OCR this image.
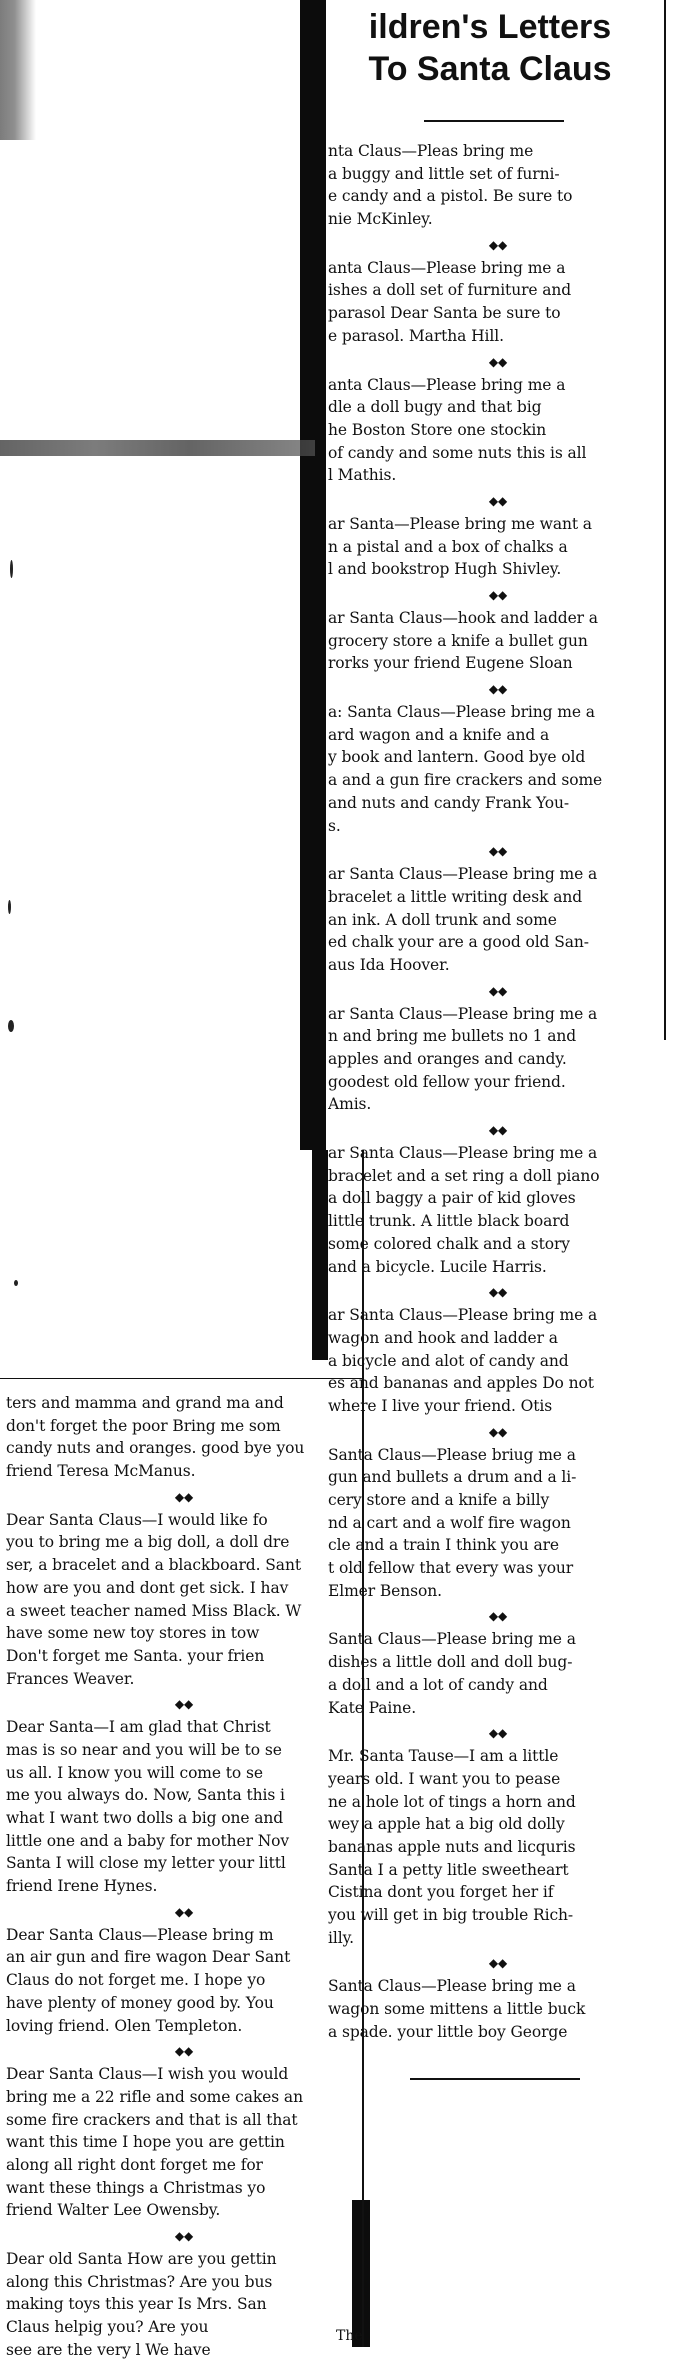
ildren's Letters
To Santa Claus
nta Claus—Pleas bring me
a buggy and little set of furni-
e candy and a pistol. Be sure to
nie McKinley.
◆◆
anta Claus—Please bring me a
ishes a doll set of furniture and
parasol Dear Santa be sure to
e parasol. Martha Hill.
◆◆
anta Claus—Please bring me a
dle a doll bugy and that big
he Boston Store one stockin
of candy and some nuts this is all
l Mathis.
◆◆
ar Santa—Please bring me want a
n a pistal and a box of chalks a
l and bookstrop Hugh Shivley.
◆◆
ar Santa Claus—hook and ladder a
grocery store a knife a bullet gun
rorks your friend Eugene Sloan
◆◆
a: Santa Claus—Please bring me a
ard wagon and a knife and a
y book and lantern. Good bye old
a and a gun fire crackers and some
and nuts and candy Frank You-
s.
◆◆
ar Santa Claus—Please bring me a
bracelet a little writing desk and
an ink. A doll trunk and some
ed chalk your are a good old San-
aus Ida Hoover.
◆◆
ar Santa Claus—Please bring me a
n and bring me bullets no 1 and
apples and oranges and candy.
goodest old fellow your friend.
Amis.
◆◆
ar Santa Claus—Please bring me a
bracelet and a set ring a doll piano
a doll baggy a pair of kid gloves
little trunk. A little black board
some colored chalk and a story
and a bicycle. Lucile Harris.
◆◆
ar Santa Claus—Please bring me a
wagon and hook and ladder a
a bicycle and alot of candy and
es and bananas and apples Do not
where I live your friend. Otis
◆◆
Santa Claus—Please briug me a
gun and bullets a drum and a li-
cery store and a knife a billy
nd a cart and a wolf fire wagon
cle and a train I think you are
t old fellow that every was your
Elmer Benson.
◆◆
Santa Claus—Please bring me a
dishes a little doll and doll bug-
a doll and a lot of candy and
Kate Paine.
◆◆
Mr. Santa Tause—I am a little
years old. I want you to pease
ne a hole lot of tings a horn and
wey a apple hat a big old dolly
bananas apple nuts and licquris
Santa I a petty litle sweetheart
Cistina dont you forget her if
you will get in big trouble Rich-
illy.
◆◆
Santa Claus—Please bring me a
wagon some mittens a little buck
a spade. your little boy George
ters and mamma and grand ma and
don't forget the poor Bring me som
candy nuts and oranges. good bye you
friend Teresa McManus.
◆◆
Dear Santa Claus—I would like fo
you to bring me a big doll, a doll dre
ser, a bracelet and a blackboard. Sant
how are you and dont get sick. I hav
a sweet teacher named Miss Black. W
have some new toy stores in tow
Don't forget me Santa. your frien
Frances Weaver.
◆◆
Dear Santa—I am glad that Christ
mas is so near and you will be to se
us all. I know you will come to se
me you always do. Now, Santa this i
what I want two dolls a big one and
little one and a baby for mother Nov
Santa I will close my letter your littl
friend Irene Hynes.
◆◆
Dear Santa Claus—Please bring m
an air gun and fire wagon Dear Sant
Claus do not forget me. I hope yo
have plenty of money good by. You
loving friend. Olen Templeton.
◆◆
Dear Santa Claus—I wish you would
bring me a 22 rifle and some cakes an
some fire crackers and that is all that
want this time I hope you are gettin
along all right dont forget me for
want these things a Christmas yo
friend Walter Lee Owensby.
◆◆
Dear old Santa How are you gettin
along this Christmas? Are you bus
making toys this year Is Mrs. San
Claus helpig you? Are you
see are the very l We have
The
